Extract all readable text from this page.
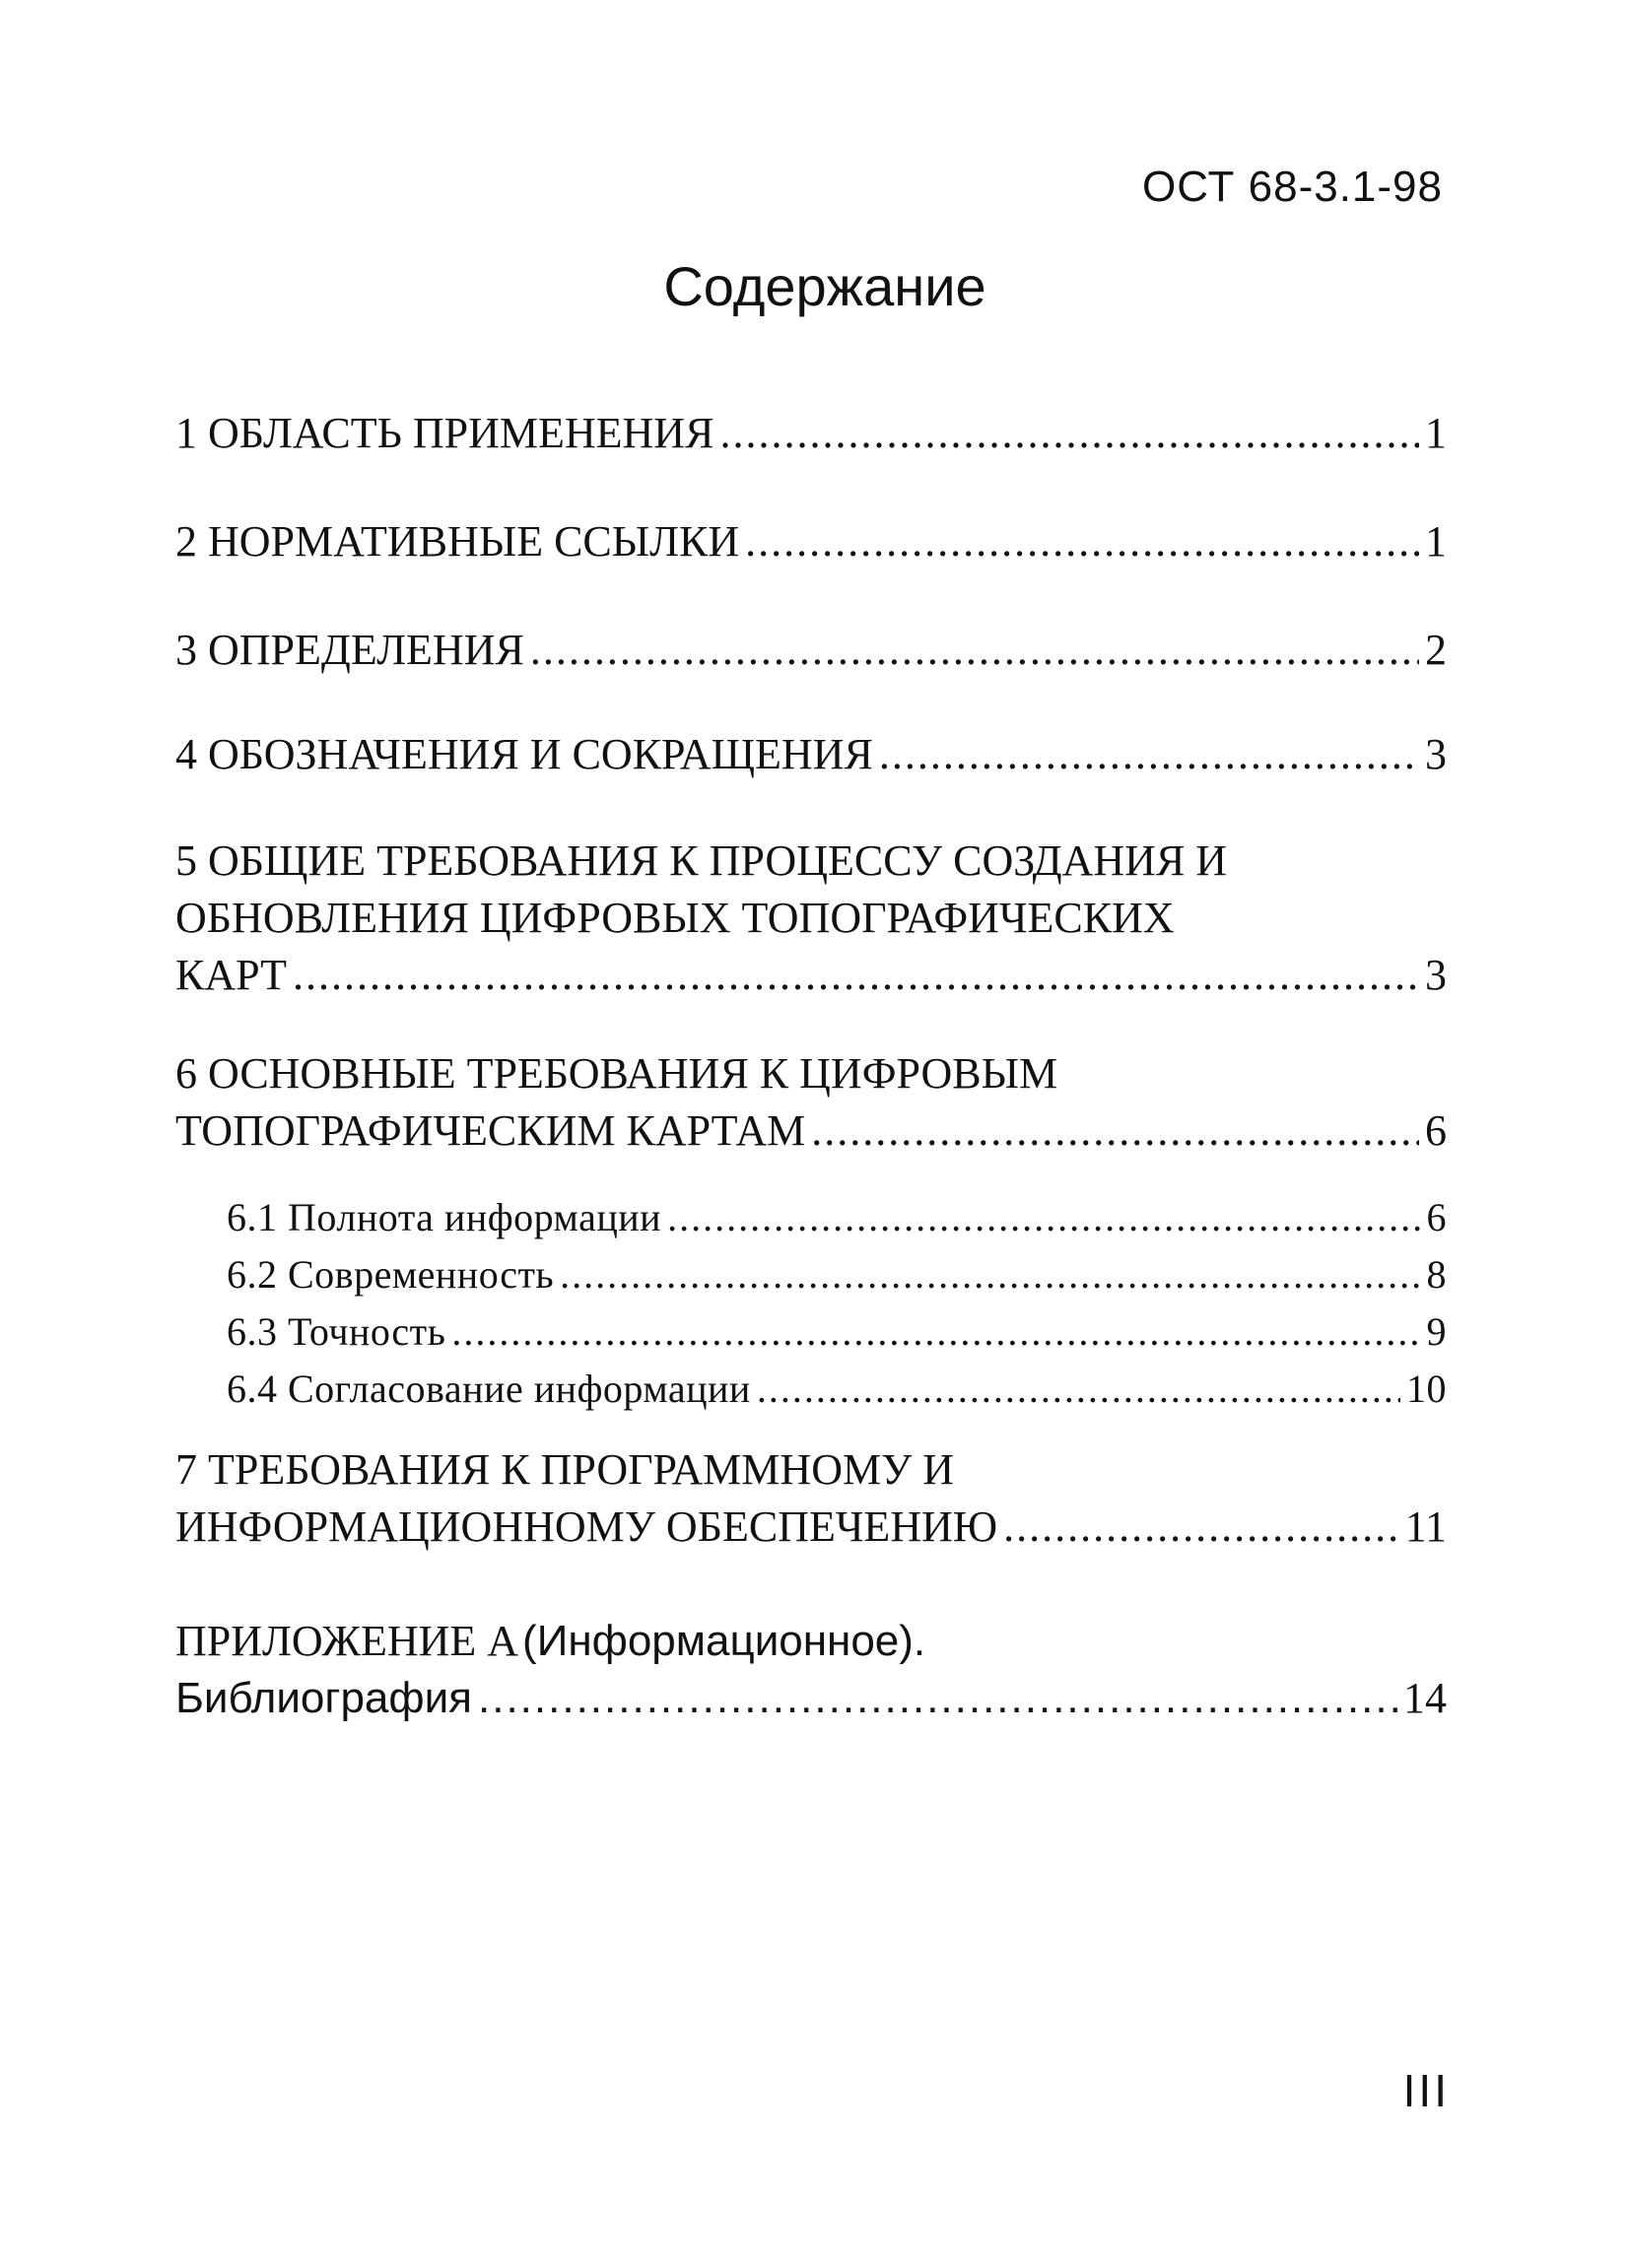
ОСТ 68-3.1-98
Содержание
1 ОБЛАСТЬ ПРИМЕНЕНИЯ .....	1
2 НОРМАТИВНЫЕ ССЫЛКИ .....	1
3 ОПРЕДЕЛЕНИЯ .....	2
4 ОБОЗНАЧЕНИЯ И СОКРАЩЕНИЯ .....	3
5 ОБЩИЕ ТРЕБОВАНИЯ К ПРОЦЕССУ СОЗДАНИЯ И
ОБНОВЛЕНИЯ ЦИФРОВЫХ ТОПОГРАФИЧЕСКИХ
КАРТ .....	3
6 ОСНОВНЫЕ ТРЕБОВАНИЯ К ЦИФРОВЫМ
ТОПОГРАФИЧЕСКИМ КАРТАМ .....	6
6.1 Полнота информации .....	6
6.2 Современность .....	8
6.3 Точность .....	9
6.4 Согласование информации .....	10
7 ТРЕБОВАНИЯ К ПРОГРАММНОМУ И
ИНФОРМАЦИОННОМУ ОБЕСПЕЧЕНИЮ .....	11
ПРИЛОЖЕНИЕ А (Информационное).
Библиография .....	14
III
